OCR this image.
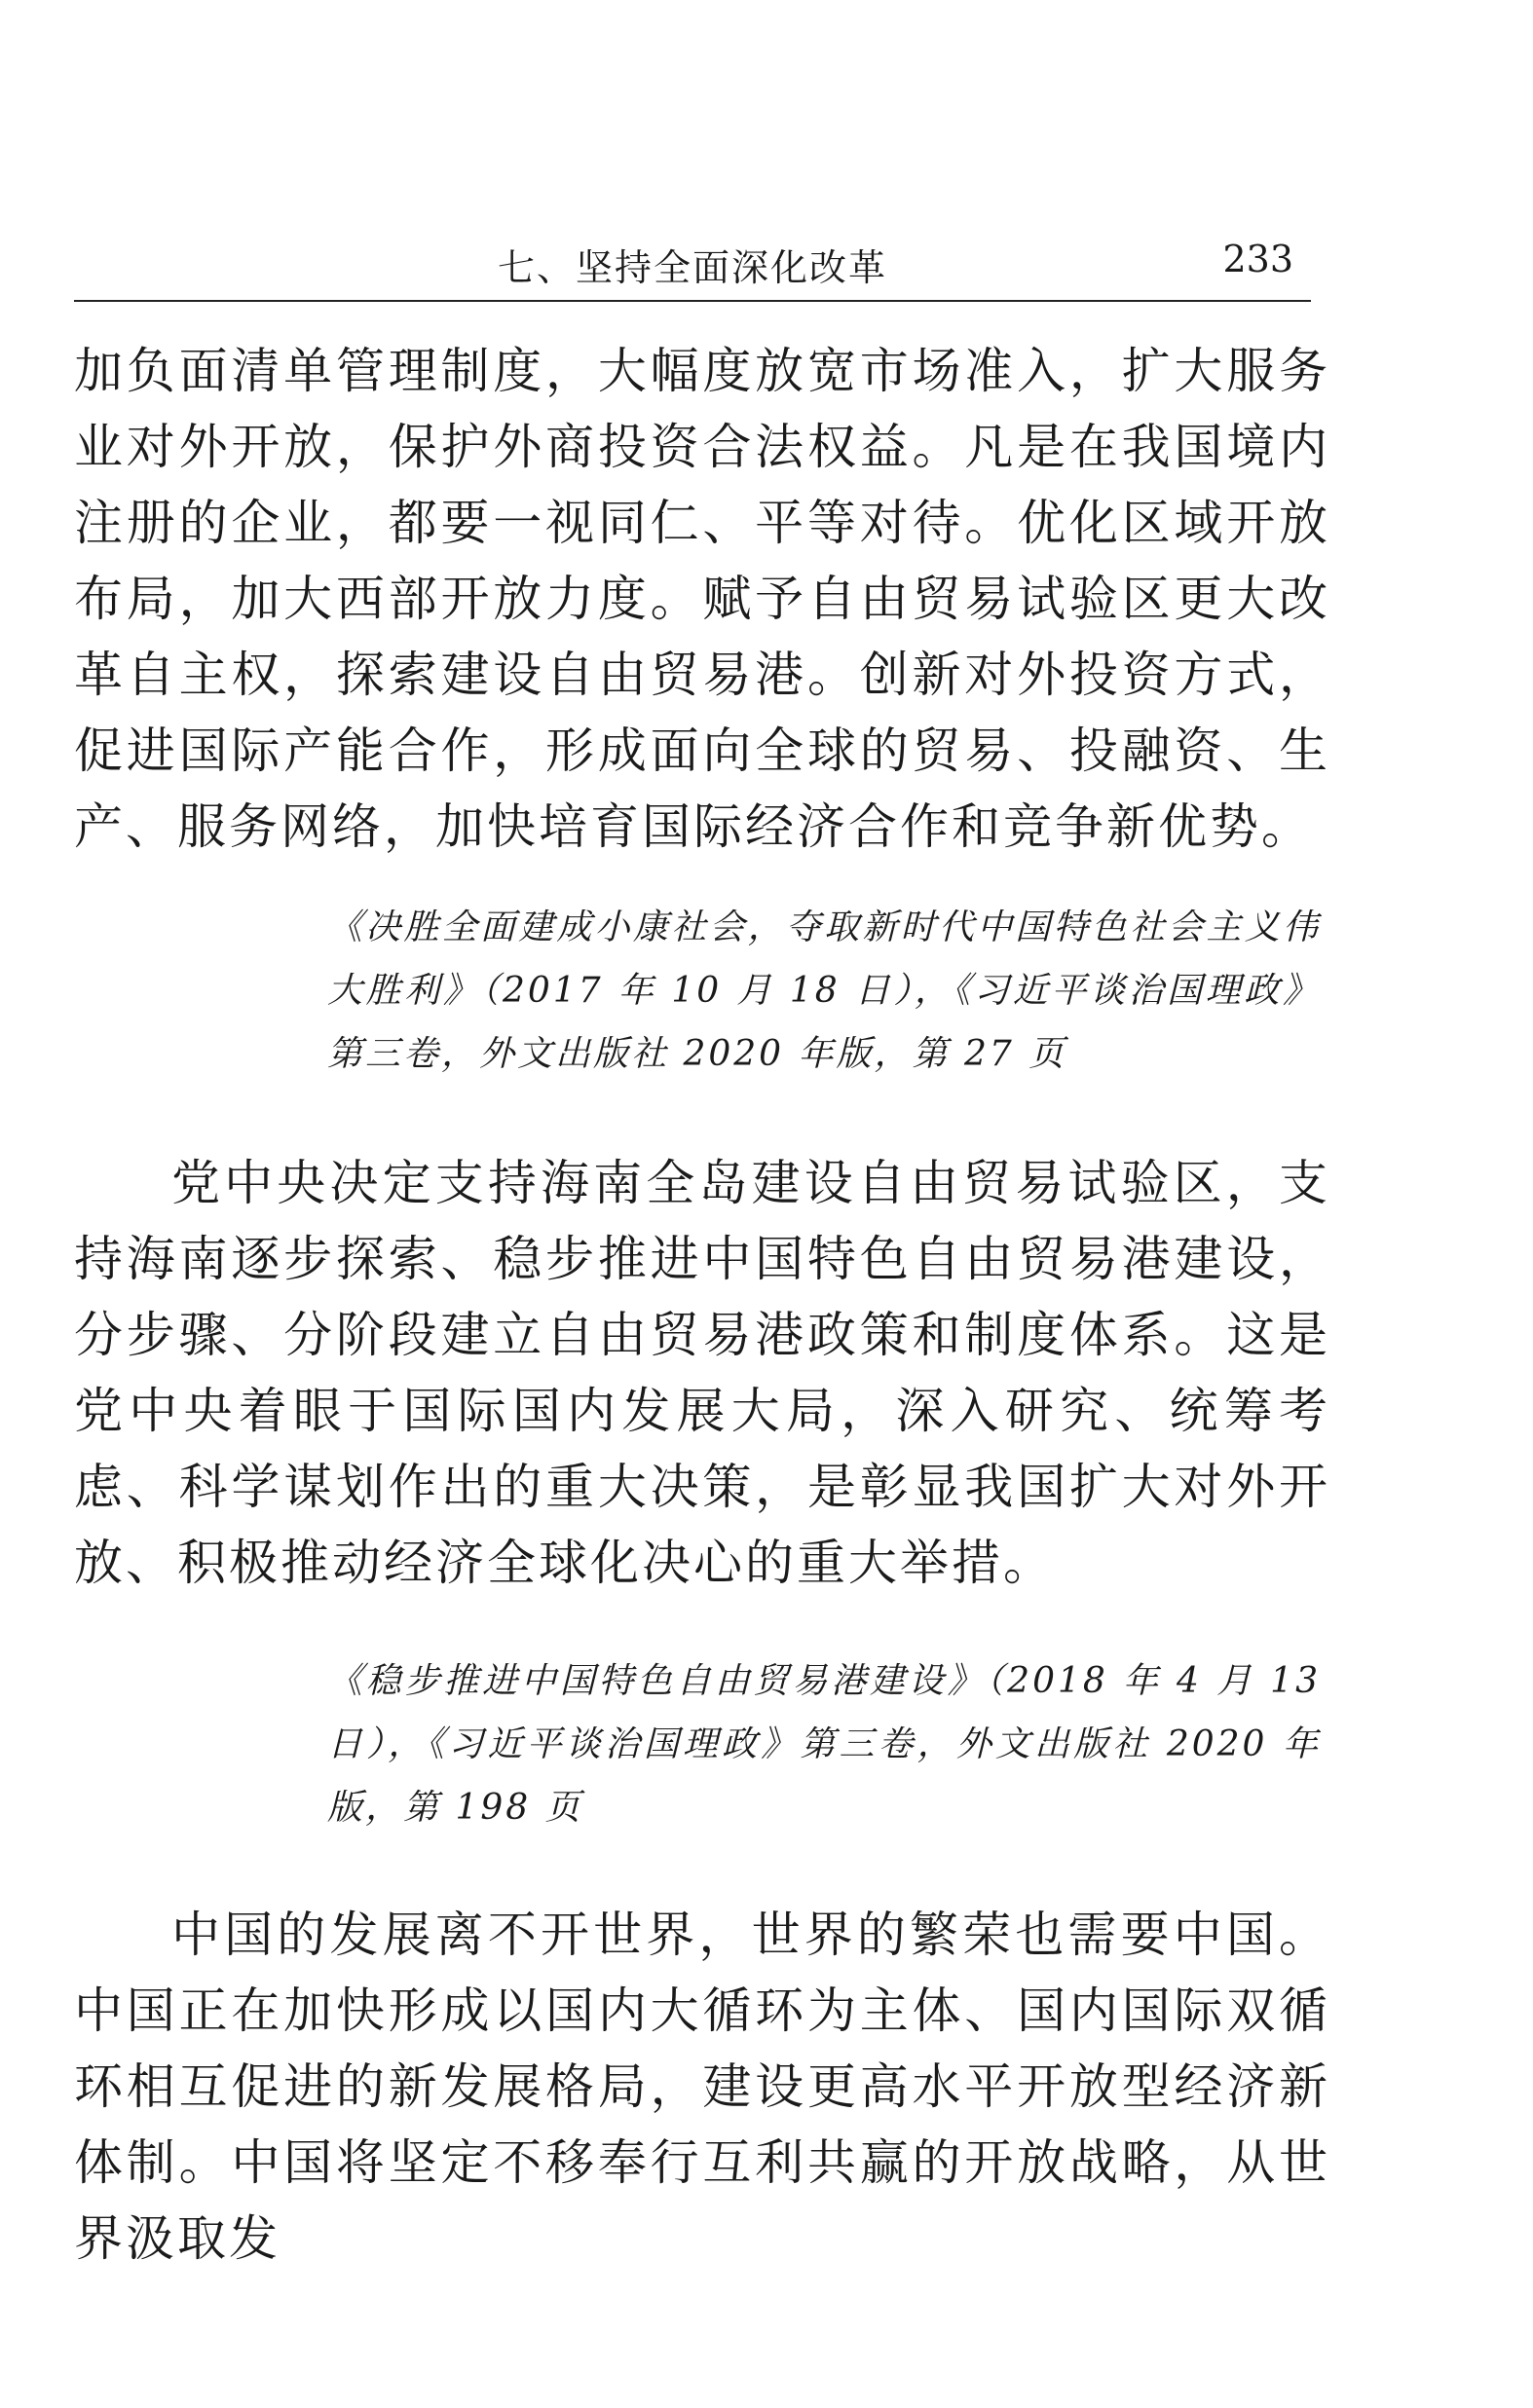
七、坚持全面深化改革	233

加负面清单管理制度，大幅度放宽市场准入，扩大服务业对外开放，保护外商投资合法权益。凡是在我国境内注册的企业，都要一视同仁、平等对待。优化区域开放布局，加大西部开放力度。赋予自由贸易试验区更大改革自主权，探索建设自由贸易港。创新对外投资方式，促进国际产能合作，形成面向全球的贸易、投融资、生产、服务网络，加快培育国际经济合作和竞争新优势。

《决胜全面建成小康社会，夺取新时代中国特色社会主义伟大胜利》（2017 年 10 月 18 日），《习近平谈治国理政》第三卷，外文出版社 2020 年版，第 27 页

党中央决定支持海南全岛建设自由贸易试验区，支持海南逐步探索、稳步推进中国特色自由贸易港建设，分步骤、分阶段建立自由贸易港政策和制度体系。这是党中央着眼于国际国内发展大局，深入研究、统筹考虑、科学谋划作出的重大决策，是彰显我国扩大对外开放、积极推动经济全球化决心的重大举措。

《稳步推进中国特色自由贸易港建设》（2018 年 4 月 13 日），《习近平谈治国理政》第三卷，外文出版社 2020 年版，第 198 页

中国的发展离不开世界，世界的繁荣也需要中国。中国正在加快形成以国内大循环为主体、国内国际双循环相互促进的新发展格局，建设更高水平开放型经济新体制。中国将坚定不移奉行互利共赢的开放战略，从世界汲取发
